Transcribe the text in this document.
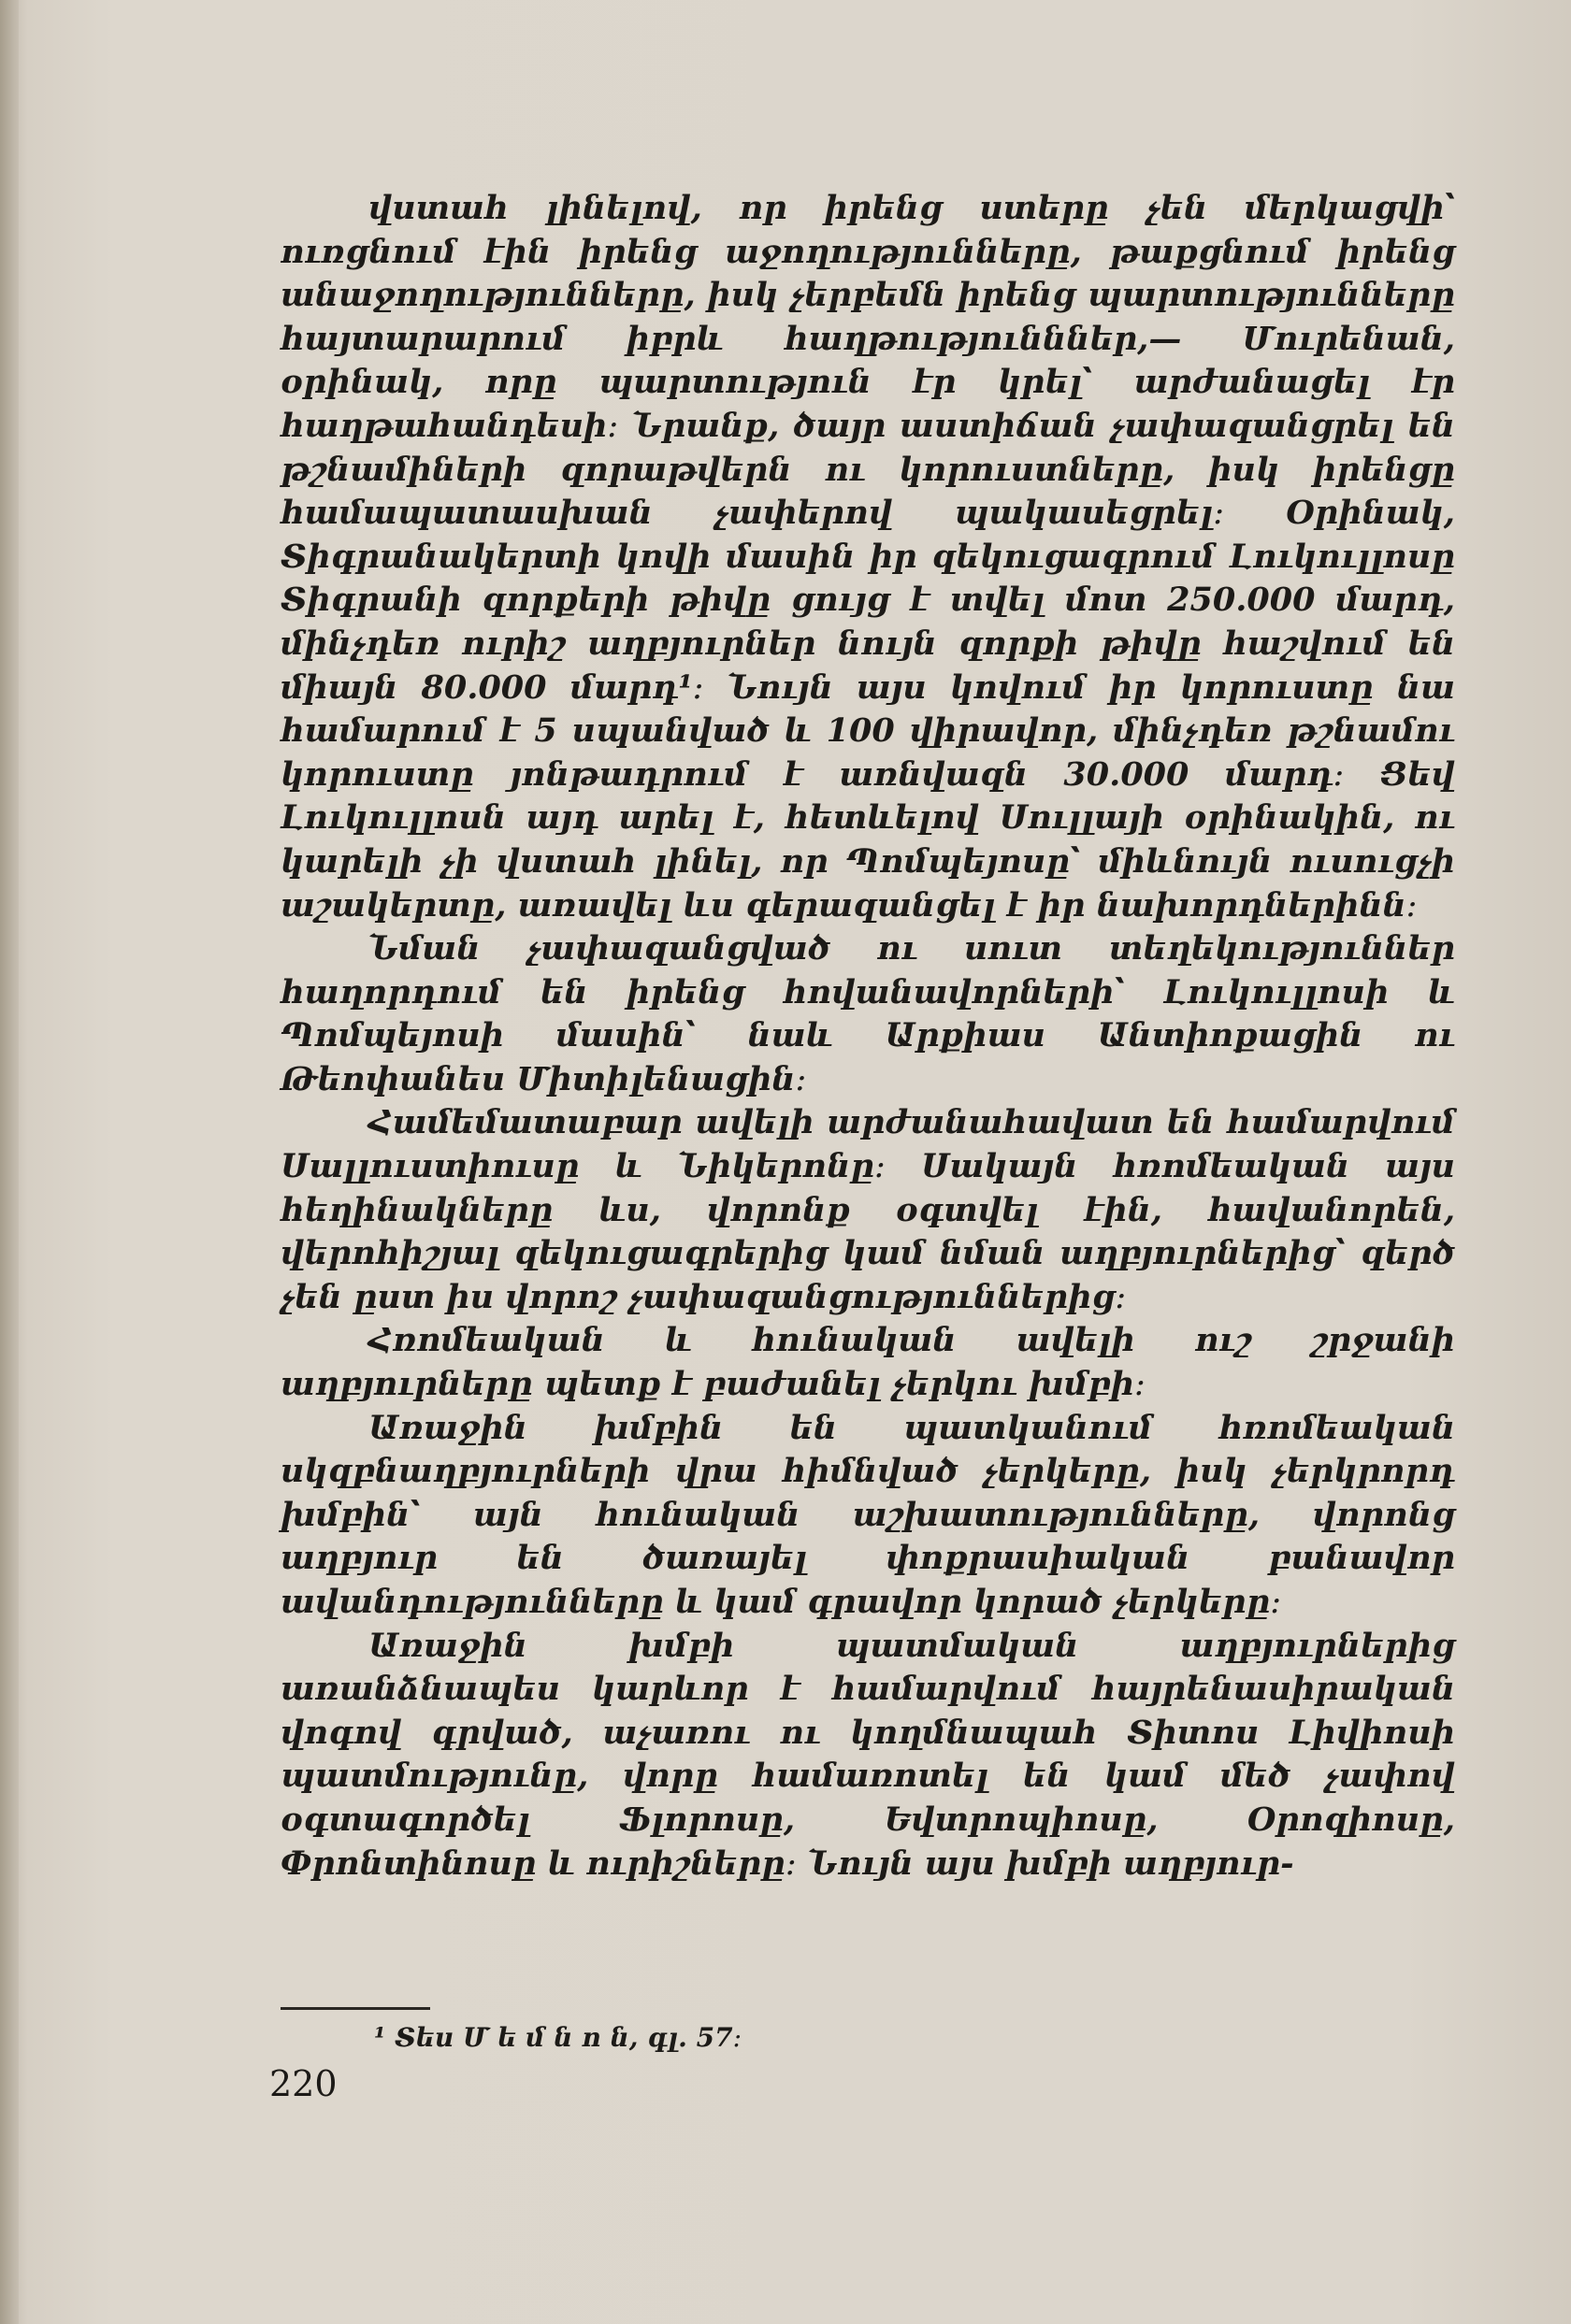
վստահ լինելով, որ իրենց ստերը չեն մերկացվի՝ ուռցնում էին իրենց աջողությունները, թաքցնում իրենց անաջողությունները, իսկ չերբեմն իրենց պարտությունները հայտարարում իբրև հաղթությունններ,— Մուրենան, օրինակ, որը պարտություն էր կրել՝ արժանացել էր հաղթահանդեսի։ Նրանք, ծայր աստիճան չափազանցրել են թշնամիների զորաթվերն ու կորուստները, իսկ իրենցը համապատասխան չափերով պակասեցրել։ Օրինակ, Տիգրանակերտի կովի մասին իր զեկուցագրում Լուկուլլոսը Տիգրանի զորքերի թիվը ցույց է տվել մոտ 250.000 մարդ, մինչդեռ ուրիշ աղբյուրներ նույն զորքի թիվը հաշվում են միայն 80.000 մարդ¹։ Նույն այս կովում իր կորուստը նա համարում է 5 սպանված և 100 վիրավոր, մինչդեռ թշնամու կորուստը յոնթադրում է առնվազն 30.000 մարդ։ Ցեվ Լուկուլլոսն այդ արել է, հետևելով Սուլլայի օրինակին, ու կարելի չի վստահ լինել, որ Պոմպեյոսը՝ միևնույն ուսուցչի աշակերտը, առավել ևս գերազանցել է իր նախորդներինն։

Նման չափազանցված ու սուտ տեղեկություններ հաղորդում են իրենց հովանավորների՝ Լուկուլլոսի և Պոմպեյոսի մասին՝ նաև Արքիաս Անտիոքացին ու Թեոփանես Միտիլենացին։

Համեմատաբար ավելի արժանահավատ են համարվում Սալլուստիուսը և Նիկերոնը։ Սակայն հռոմեական այս հեղինակները ևս, վորոնք օգտվել էին, հավանորեն, վերոհիշյալ զեկուցագրերից կամ նման աղբյուրներից՝ զերծ չեն ըստ իս վորոշ չափազանցություններից։

Հռոմեական և հունական ավելի ուշ շրջանի աղբյուրները պետք է բաժանել չերկու խմբի։

Առաջին խմբին են պատկանում հռոմեական սկզբնաղբյուրների վրա հիմնված չերկերը, իսկ չերկրորդ խմբին՝ այն հունական աշխատությունները, վորոնց աղբյուր են ծառայել փոքրասիական բանավոր ավանդությունները և կամ գրավոր կորած չերկերը։

Առաջին խմբի պատմական աղբյուրներից առանձնապես կարևոր է համարվում հայրենասիրական վոգով գրված, աչառու ու կողմնապահ Տիտոս Լիվիոսի պատմությունը, վորը համառոտել են կամ մեծ չափով օգտագործել Ֆլորոսը, Եվտրոպիոսը, Օրոզիոսը, Փրոնտինոսը և ուրիշները։ Նույն այս խմբի աղբյուր-

¹ Տես Մ ե մ ն ո ն, գլ. 57։
220
